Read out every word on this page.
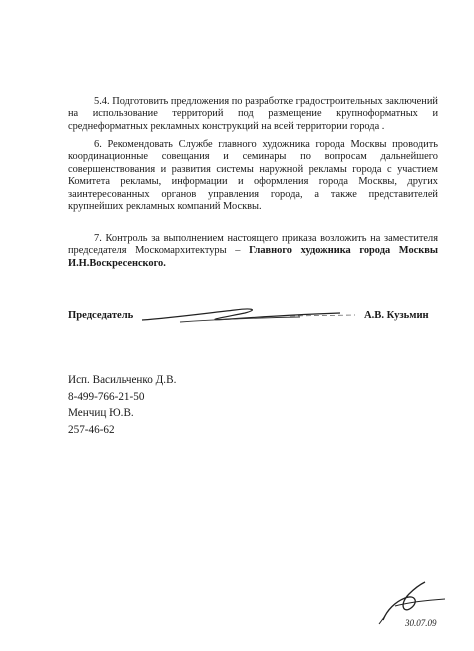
5.4. Подготовить предложения по разработке градостроительных заключений на использование территорий под размещение крупноформатных и среднеформатных рекламных конструкций на всей территории города .

6. Рекомендовать Службе главного художника города Москвы проводить координационные совещания и семинары по вопросам дальнейшего совершенствования и развития системы наружной рекламы города с участием Комитета рекламы, информации и оформления города Москвы, других заинтересованных органов управления города, а также представителей крупнейших рекламных компаний Москвы.

7. Контроль за выполнением настоящего приказа возложить на заместителя председателя Москомархитектуры – Главного художника города Москвы И.Н.Воскресенского.

Председатель	А.В. Кузьмин
Исп. Васильченко Д.В.
8-499-766-21-50
Менчиц Ю.В.
257-46-62
30.07.09
